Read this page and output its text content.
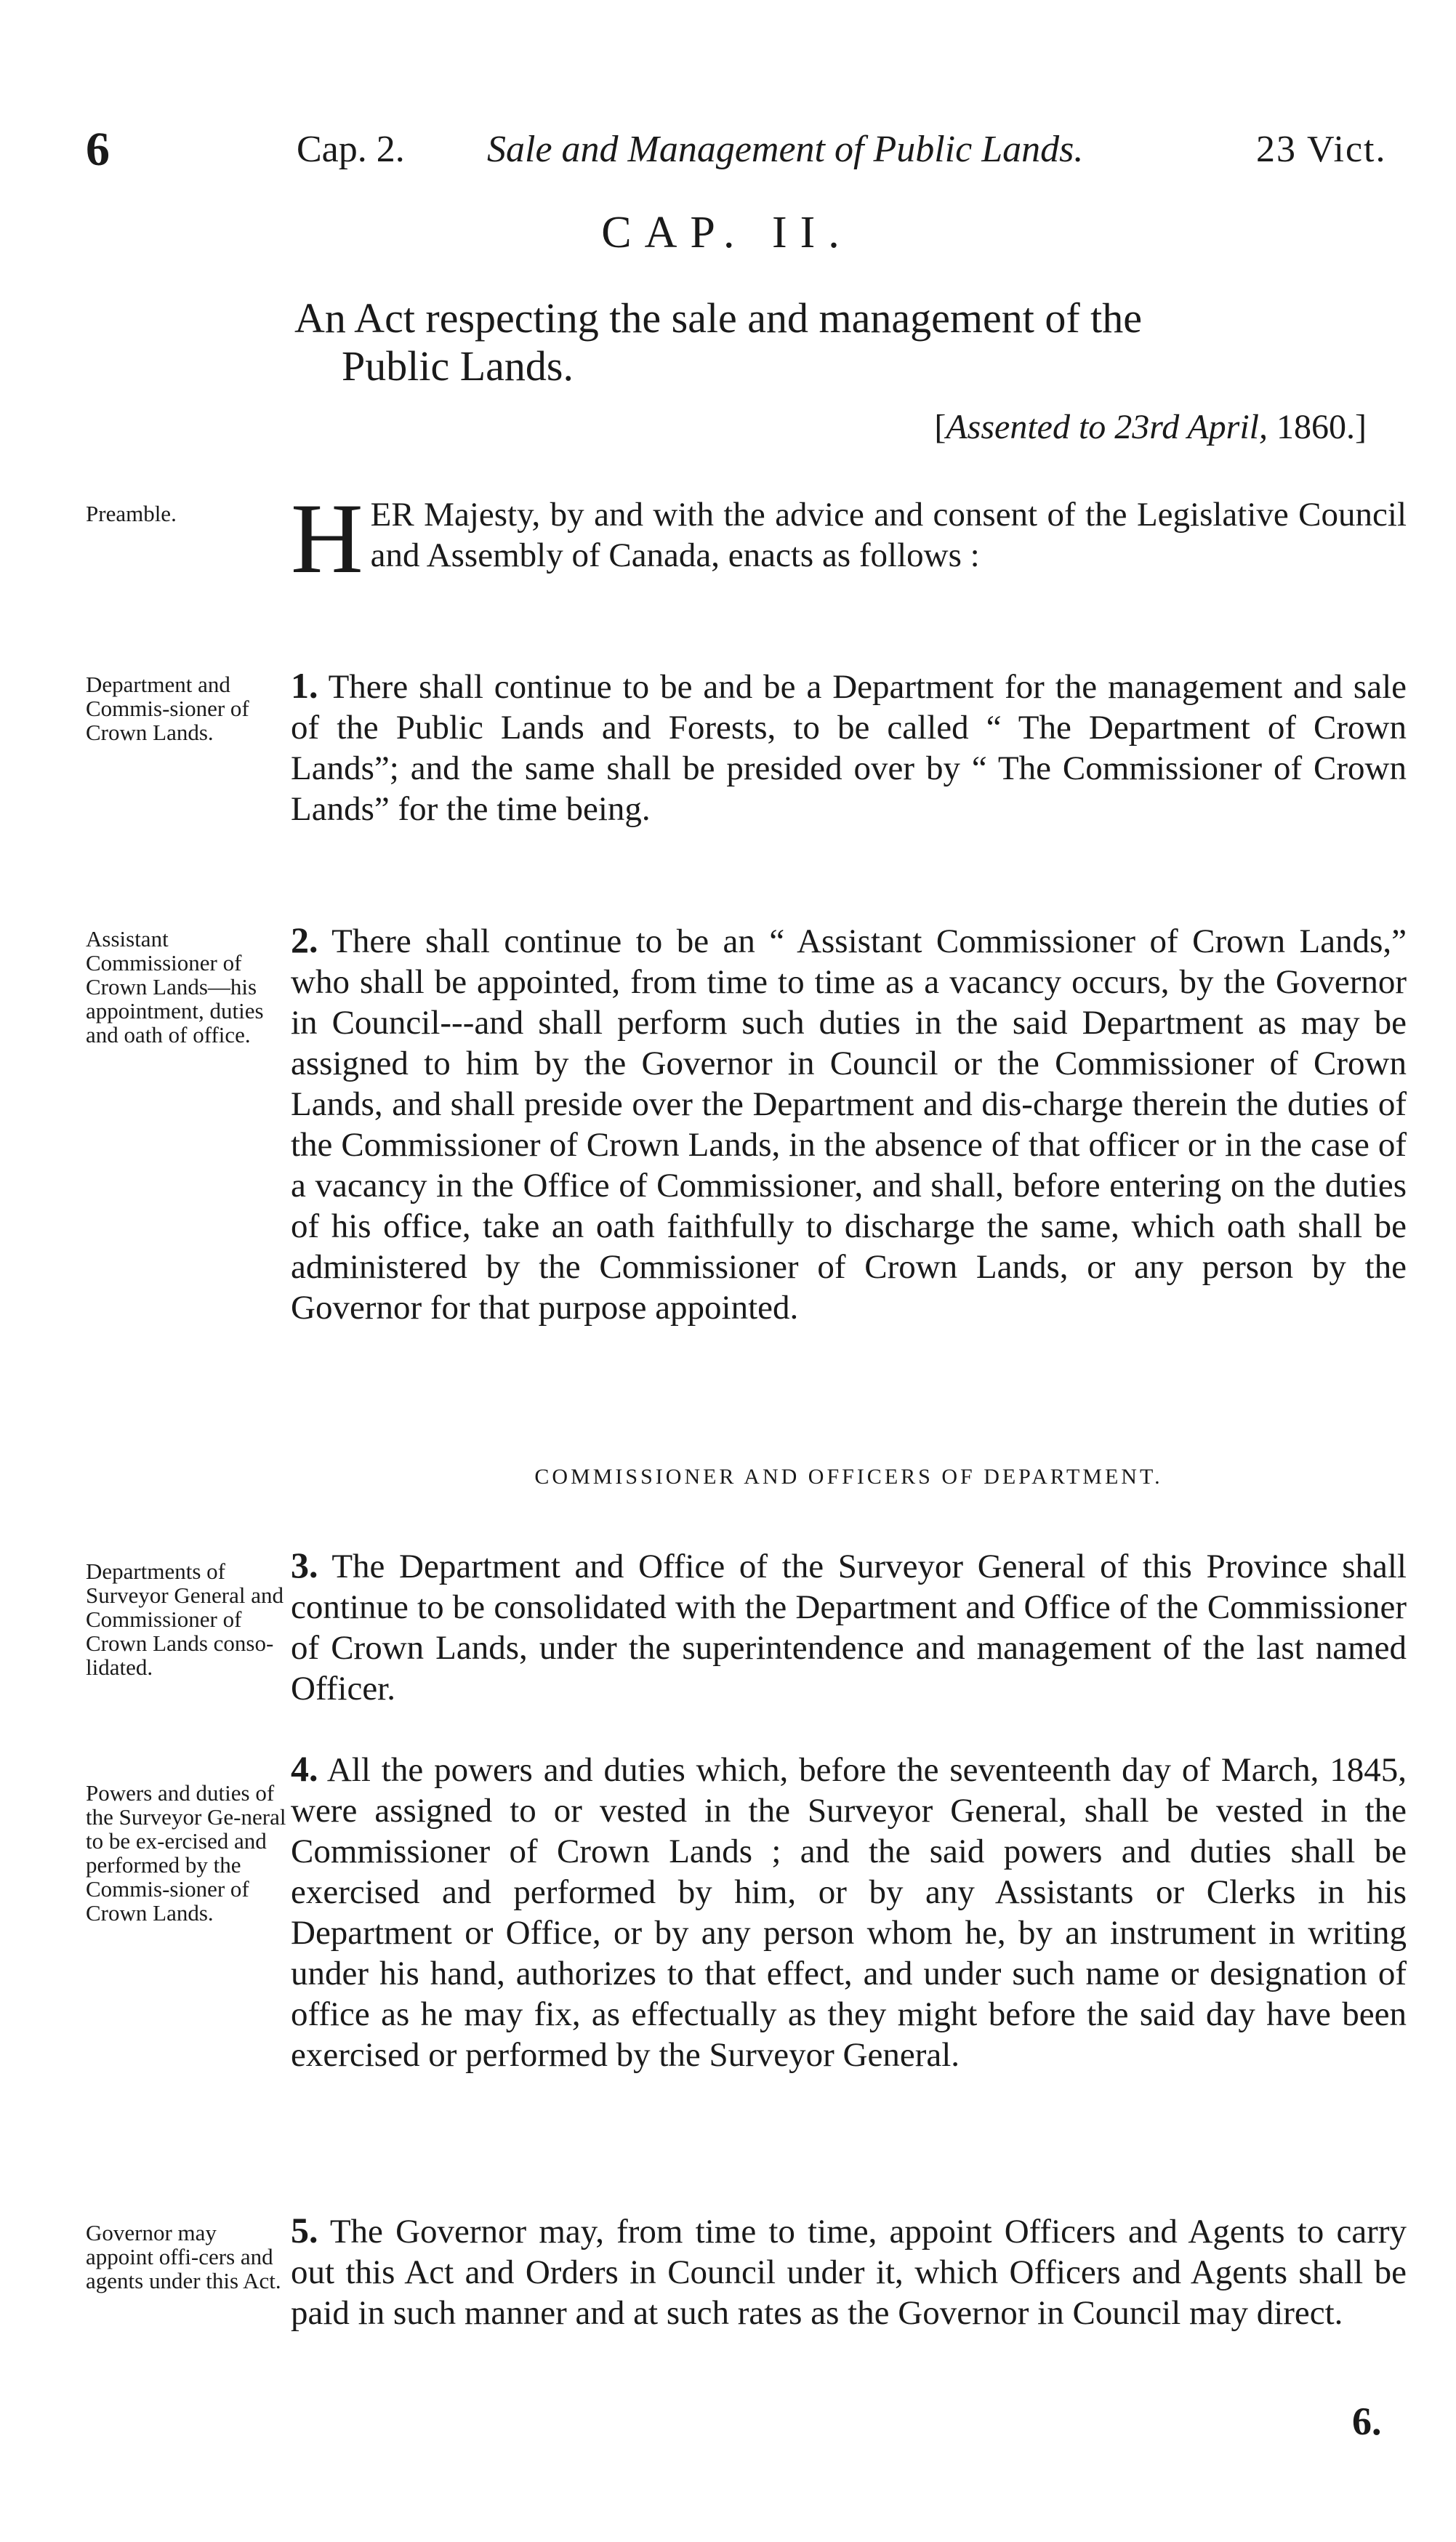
6	Cap. 2. Sale and Management of Public Lands.	23 Vict.
CAP. II.
An Act respecting the sale and management of the
Public Lands.
[Assented to 23rd April, 1860.]
Preamble.	HER Majesty, by and with the advice and consent of the Legislative Council and Assembly of Canada, enacts as follows :
Department and Commis-sioner of Crown Lands.
1. There shall continue to be and be a Department for the management and sale of the Public Lands and Forests, to be called “ The Department of Crown Lands”; and the same shall be presided over by “ The Commissioner of Crown Lands” for the time being.
Assistant Commissioner of Crown Lands—his appointment, duties and oath of office.
2. There shall continue to be an “ Assistant Commissioner of Crown Lands,” who shall be appointed, from time to time as a vacancy occurs, by the Governor in Council---and shall perform such duties in the said Department as may be assigned to him by the Governor in Council or the Commissioner of Crown Lands, and shall preside over the Department and dis-charge therein the duties of the Commissioner of Crown Lands, in the absence of that officer or in the case of a vacancy in the Office of Commissioner, and shall, before entering on the duties of his office, take an oath faithfully to discharge the same, which oath shall be administered by the Commissioner of Crown Lands, or any person by the Governor for that purpose appointed.
COMMISSIONER AND OFFICERS OF DEPARTMENT.
Departments of Surveyor General and Commissioner of Crown Lands conso-lidated.
3. The Department and Office of the Surveyor General of this Province shall continue to be consolidated with the Department and Office of the Commissioner of Crown Lands, under the superintendence and management of the last named Officer.
Powers and duties of the Surveyor Ge-neral to be ex-ercised and performed by the Commis-sioner of Crown Lands.
4. All the powers and duties which, before the seventeenth day of March, 1845, were assigned to or vested in the Surveyor General, shall be vested in the Commissioner of Crown Lands ; and the said powers and duties shall be exercised and performed by him, or by any Assistants or Clerks in his Department or Office, or by any person whom he, by an instrument in writing under his hand, authorizes to that effect, and under such name or designation of office as he may fix, as effectually as they might before the said day have been exercised or performed by the Surveyor General.
Governor may appoint offi-cers and agents under this Act.
5. The Governor may, from time to time, appoint Officers and Agents to carry out this Act and Orders in Council under it, which Officers and Agents shall be paid in such manner and at such rates as the Governor in Council may direct.
6.
